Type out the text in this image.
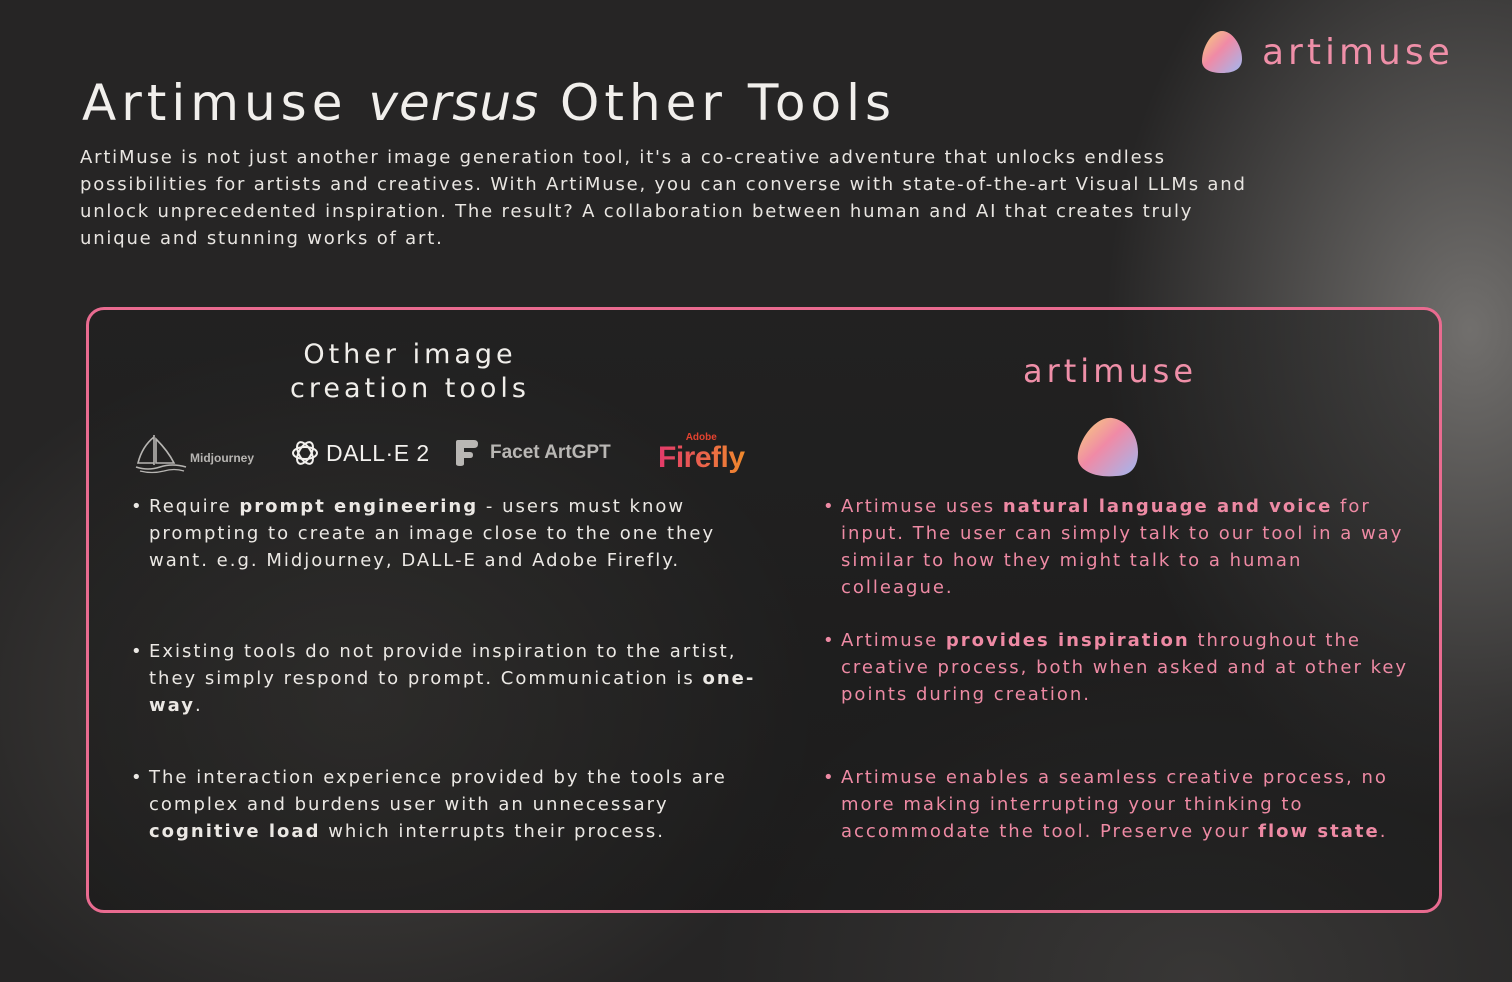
artimuse
Artimuse versus Other Tools

ArtiMuse is not just another image generation tool, it's a co-creative adventure that unlocks endless possibilities for artists and creatives. With ArtiMuse, you can converse with state-of-the-art Visual LLMs and unlock unprecedented inspiration. The result? A collaboration between human and AI that creates truly unique and stunning works of art.

Other image
creation tools	artimuse
Midjourney	DALL·E 2	Facet ArtGPT
Adobe
Firefly

• Require prompt engineering - users must know prompting to create an image close to the one they want. e.g. Midjourney, DALL-E and Adobe Firefly.

• Existing tools do not provide inspiration to the artist, they simply respond to prompt. Communication is one-way.

• The interaction experience provided by the tools are complex and burdens user with an unnecessary cognitive load which interrupts their process.

• Artimuse uses natural language and voice for input. The user can simply talk to our tool in a way similar to how they might talk to a human colleague.

• Artimuse provides inspiration throughout the creative process, both when asked and at other key points during creation.

• Artimuse enables a seamless creative process, no more making interrupting your thinking to accommodate the tool. Preserve your flow state.
